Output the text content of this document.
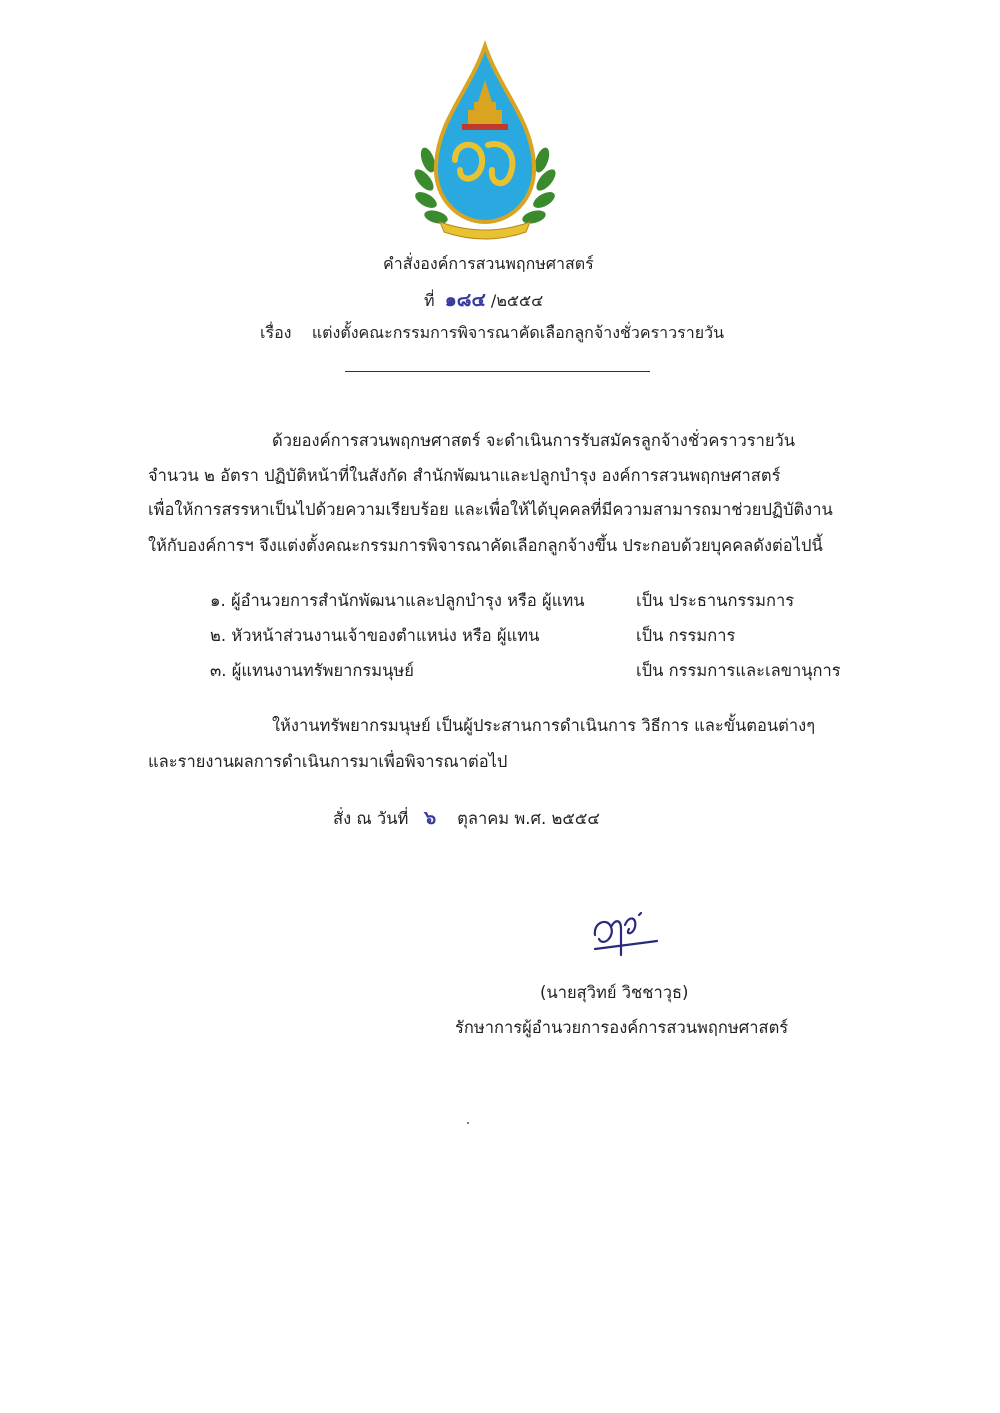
คำสั่งองค์การสวนพฤกษศาสตร์
ที่ ๑๘๔ /๒๕๕๔
เรื่อง แต่งตั้งคณะกรรมการพิจารณาคัดเลือกลูกจ้างชั่วคราวรายวัน
ด้วยองค์การสวนพฤกษศาสตร์ จะดำเนินการรับสมัครลูกจ้างชั่วคราวรายวัน
จำนวน ๒ อัตรา ปฏิบัติหน้าที่ในสังกัด สำนักพัฒนาและปลูกบำรุง องค์การสวนพฤกษศาสตร์
เพื่อให้การสรรหาเป็นไปด้วยความเรียบร้อย และเพื่อให้ได้บุคคลที่มีความสามารถมาช่วยปฏิบัติงาน
ให้กับองค์การฯ จึงแต่งตั้งคณะกรรมการพิจารณาคัดเลือกลูกจ้างขึ้น ประกอบด้วยบุคคลดังต่อไปนี้
๑. ผู้อำนวยการสำนักพัฒนาและปลูกบำรุง หรือ ผู้แทน	เป็น ประธานกรรมการ
๒. หัวหน้าส่วนงานเจ้าของตำแหน่ง หรือ ผู้แทน	เป็น กรรมการ
๓. ผู้แทนงานทรัพยากรมนุษย์	เป็น กรรมการและเลขานุการ
ให้งานทรัพยากรมนุษย์ เป็นผู้ประสานการดำเนินการ วิธีการ และขั้นตอนต่างๆ
และรายงานผลการดำเนินการมาเพื่อพิจารณาต่อไป
สั่ง ณ วันที่ ๖ ตุลาคม พ.ศ. ๒๕๕๔
(นายสุวิทย์ วิชชาวุธ)
รักษาการผู้อำนวยการองค์การสวนพฤกษศาสตร์
